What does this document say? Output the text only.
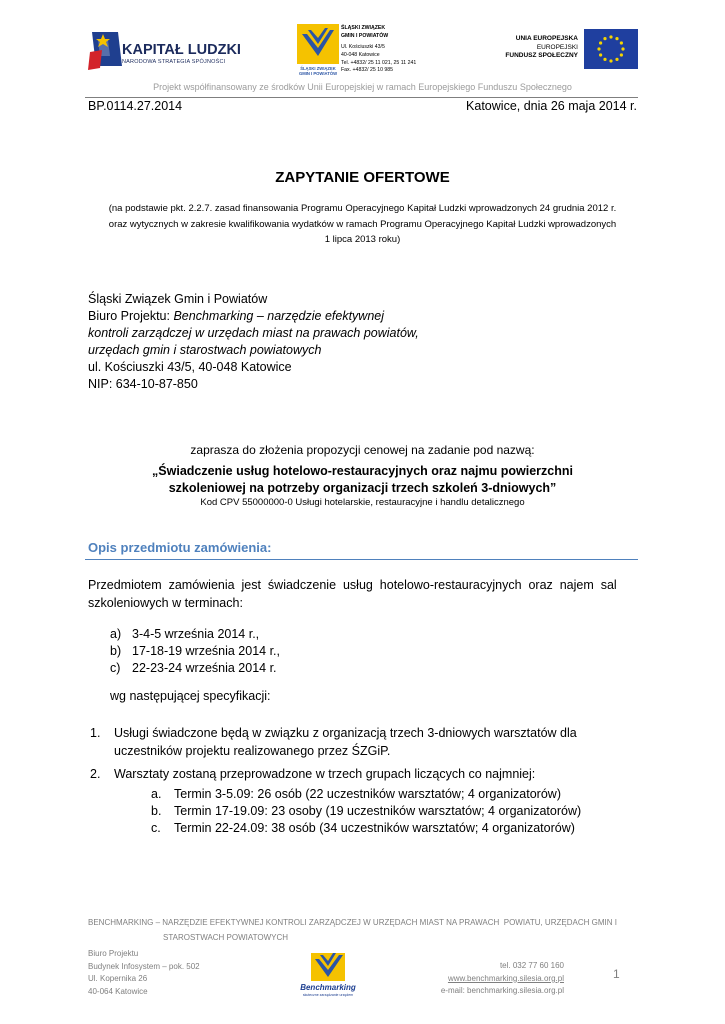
KAPITAŁ LUDZKI
NARODOWA STRATEGIA SPÓJNOŚCI
ŚLĄSKI ZWIĄZEK
GMIN I POWIATÓW
ŚLĄSKI ZWIĄZEK
GMIN I POWIATÓW
Ul. Kościuszki 43/5
40-048 Katowice
Tel. +4832/ 25 11 021, 25 11 241
Fax. +4832/ 25 10 985
UNIA EUROPEJSKA
EUROPEJSKI
FUNDUSZ SPOŁECZNY
Projekt współfinansowany ze środków Unii Europejskiej w ramach Europejskiego Funduszu Społecznego
BP.0114.27.2014	Katowice, dnia 26 maja 2014 r.
ZAPYTANIE OFERTOWE
(na podstawie pkt. 2.2.7. zasad finansowania Programu Operacyjnego Kapitał Ludzki wprowadzonych 24 grudnia 2012 r.
oraz wytycznych w zakresie kwalifikowania wydatków w ramach Programu Operacyjnego Kapitał Ludzki wprowadzonych
1 lipca 2013 roku)
Śląski Związek Gmin i Powiatów
Biuro Projektu: Benchmarking – narzędzie efektywnej
kontroli zarządczej w urzędach miast na prawach powiatów,
urzędach gmin i starostwach powiatowych
ul. Kościuszki 43/5, 40-048 Katowice
NIP: 634-10-87-850
zaprasza do złożenia propozycji cenowej na zadanie pod nazwą:
„Świadczenie usług hotelowo-restauracyjnych oraz najmu powierzchni
szkoleniowej na potrzeby organizacji trzech szkoleń 3-dniowych”
Kod CPV 55000000-0 Usługi hotelarskie, restauracyjne i handlu detalicznego
Opis przedmiotu zamówienia:
Przedmiotem  zamówienia  jest  świadczenie  usług  hotelowo-restauracyjnych  oraz  najem  sal
szkoleniowych w terminach:
a) 3-4-5 września 2014 r.,
b) 17-18-19 września 2014 r.,
c) 22-23-24 września 2014 r.
wg następującej specyfikacji:
1. Usługi świadczone będą w związku z organizacją trzech 3-dniowych warsztatów dla uczestników projektu realizowanego przez ŚZGiP.
2. Warsztaty zostaną przeprowadzone w trzech grupach liczących co najmniej:
a. Termin 3-5.09: 26 osób (22 uczestników warsztatów; 4 organizatorów)
b. Termin 17-19.09: 23 osoby (19 uczestników warsztatów; 4 organizatorów)
c. Termin 22-24.09: 38 osób (34 uczestników warsztatów; 4 organizatorów)
BENCHMARKING – NARZĘDZIE EFEKTYWNEJ KONTROLI ZARZĄDCZEJ W URZĘDACH MIAST NA PRAWACH  POWIATU, URZĘDACH GMIN I
STAROSTWACH POWIATOWYCH
Biuro Projektu
Budynek Infosystem – pok. 502
Ul. Kopernika 26
40-064 Katowice	Benchmarking
skuteczne zarządzanie urzędem
tel. 032 77 60 160
www.benchmarking.silesia.org.pl
e-mail: benchmarking.silesia.org.pl
1
